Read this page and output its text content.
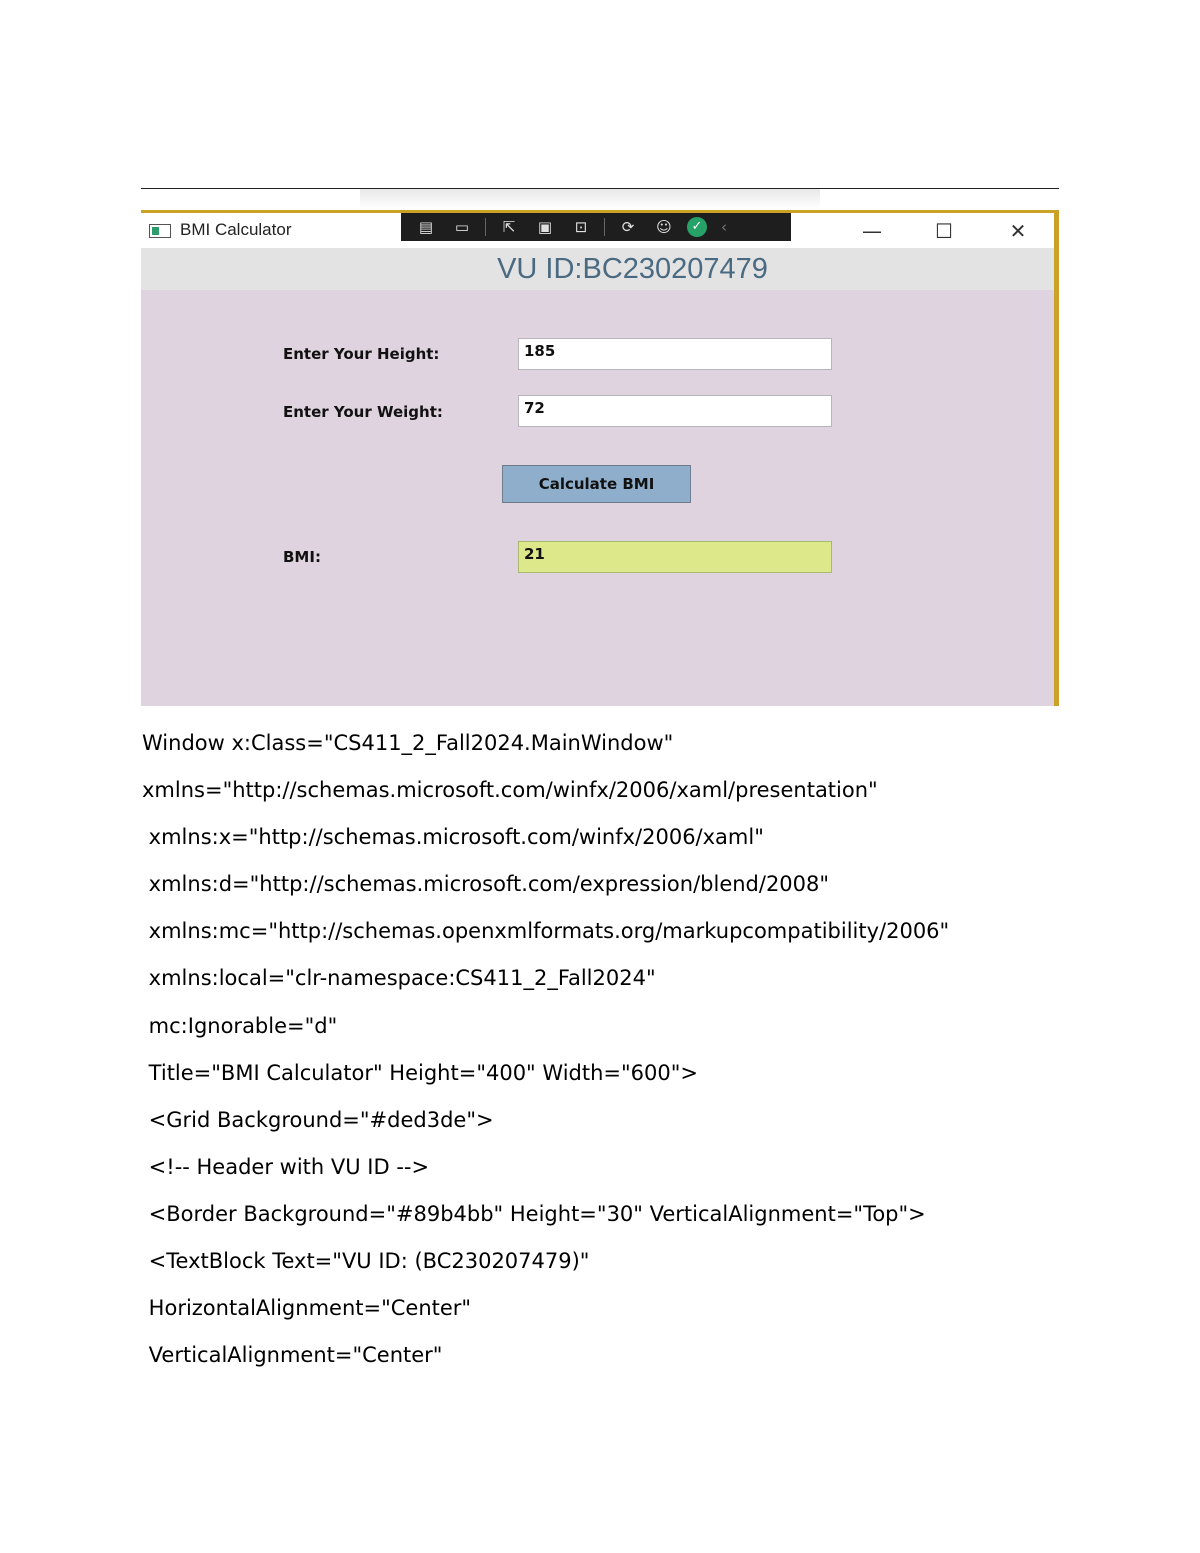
BMI Calculator	▤	▭	⇱	▣	⊡	⟳	☺	✓	‹	—	☐	✕
VU ID:BC230207479
Enter Your Height:	185
Enter Your Weight:	72
Calculate BMI
BMI:	21
Window x:Class="CS411_2_Fall2024.MainWindow"
xmlns="http://schemas.microsoft.com/winfx/2006/xaml/presentation"
xmlns:x="http://schemas.microsoft.com/winfx/2006/xaml"
xmlns:d="http://schemas.microsoft.com/expression/blend/2008"
xmlns:mc="http://schemas.openxmlformats.org/markupcompatibility/2006"
xmlns:local="clr-namespace:CS411_2_Fall2024"
mc:Ignorable="d"
Title="BMI Calculator" Height="400" Width="600">
<Grid Background="#ded3de">
<!-- Header with VU ID -->
<Border Background="#89b4bb" Height="30" VerticalAlignment="Top">
<TextBlock Text="VU ID: (BC230207479)"
HorizontalAlignment="Center"
VerticalAlignment="Center"
